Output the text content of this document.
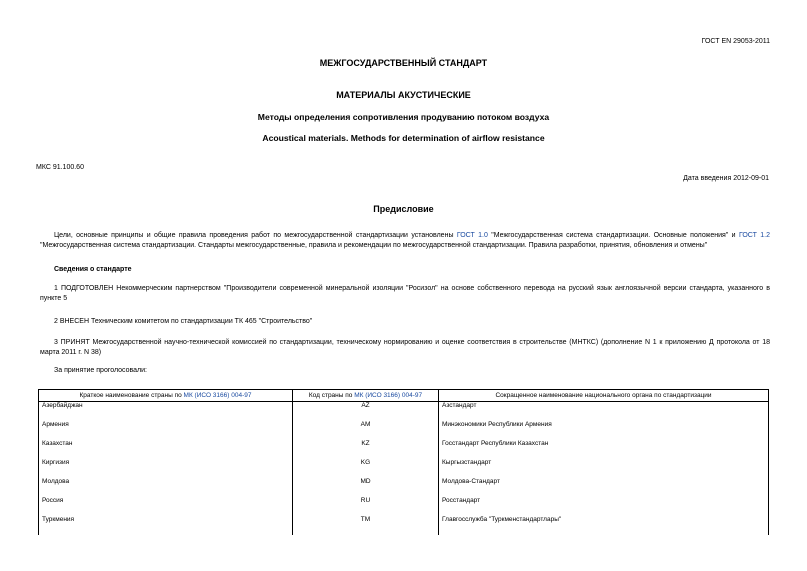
ГОСТ EN 29053-2011
МЕЖГОСУДАРСТВЕННЫЙ СТАНДАРТ
МАТЕРИАЛЫ АКУСТИЧЕСКИЕ
Методы определения сопротивления продуванию потоком воздуха
Acoustical materials. Methods for determination of airflow resistance
МКС 91.100.60
Дата введения 2012-09-01
Предисловие
Цели, основные принципы и общие правила проведения работ по межгосударственной стандартизации установлены ГОСТ 1.0 "Межгосударственная система стандартизации. Основные положения" и ГОСТ 1.2 "Межгосударственная система стандартизации. Стандарты межгосударственные, правила и рекомендации по межгосударственной стандартизации. Правила разработки, принятия, обновления и отмены"
Сведения о стандарте
1 ПОДГОТОВЛЕН Некоммерческим партнерством "Производители современной минеральной изоляции "Росизол" на основе собственного перевода на русский язык англоязычной версии стандарта, указанного в пункте 5
2 ВНЕСЕН Техническим комитетом по стандартизации ТК 465 "Строительство"
3 ПРИНЯТ Межгосударственной научно-технической комиссией по стандартизации, техническому нормированию и оценке соответствия в строительстве (МНТКС) (дополнение N 1 к приложению Д протокола от 18 марта 2011 г. N 38)
За принятие проголосовали:
Краткое наименование страны по МК (ИСО 3166) 004-97	Код страны по МК (ИСО 3166) 004-97	Сокращенное наименование национального органа по стандартизации
Азербайджан	AZ	Азстандарт
Армения	AM	Минэкономики Республики Армения
Казахстан	KZ	Госстандарт Республики Казахстан
Киргизия	KG	Кыргызстандарт
Молдова	MD	Молдова-Стандарт
Россия	RU	Росстандарт
Туркмения	TM	Главгосслужба "Туркменстандартлары"
